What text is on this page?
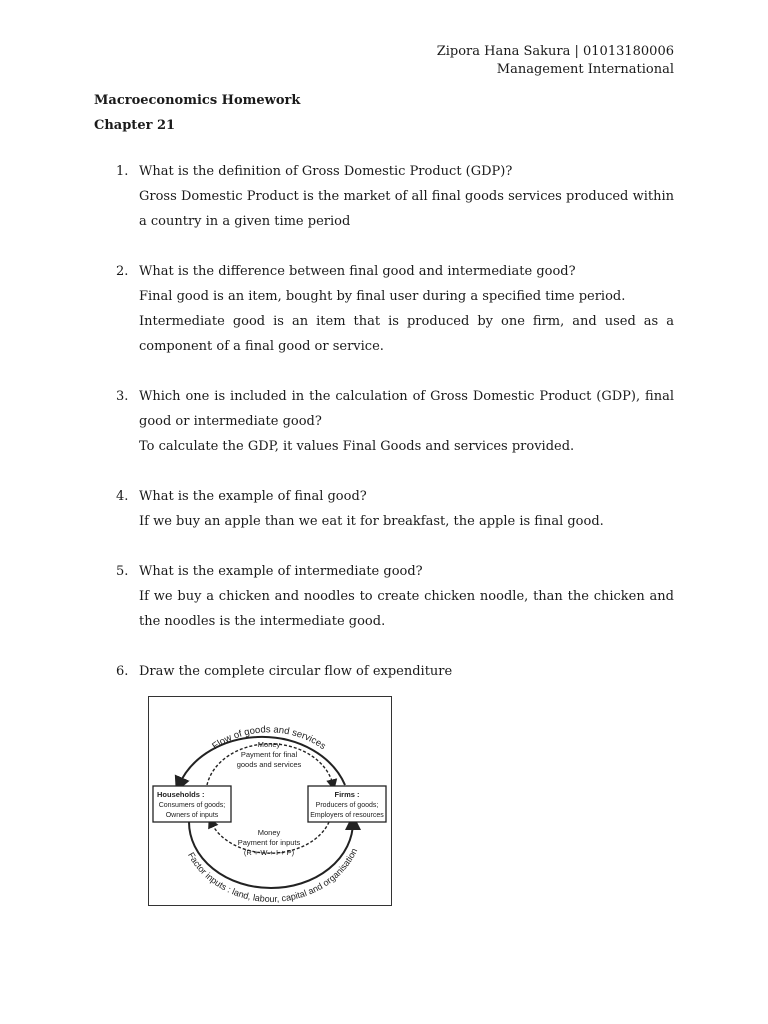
Zipora Hana Sakura | 01013180006
Management International
Macroeconomics Homework
Chapter 21
1. What is the definition of Gross Domestic Product (GDP)?

Gross Domestic Product is the market of all final goods services produced within a country in a given time period

2. What is the difference between final good and intermediate good?

Final good is an item, bought by final user during a specified time period.

Intermediate good is an item that is produced by one firm, and used as a component of a final good or service.

3. Which one is included in the calculation of Gross Domestic Product (GDP), final good or intermediate good?

To calculate the GDP, it values Final Goods and services provided.

4. What is the example of final good?

If we buy an apple than we eat it for breakfast, the apple is final good.

5. What is the example of intermediate good?

If we buy a chicken and noodles to create chicken noodle, than the chicken and the noodles is the intermediate good.

6. Draw the complete circular flow of expenditure

Flow of goods and services
Factor inputs : land, labour, capital and organisation
Money
Payment for final
goods and services
Money
Payment for inputs
(R + W + I + P)
Households :
Consumers of goods;
Owners of inputs
Firms :
Producers of goods;
Employers of resources
